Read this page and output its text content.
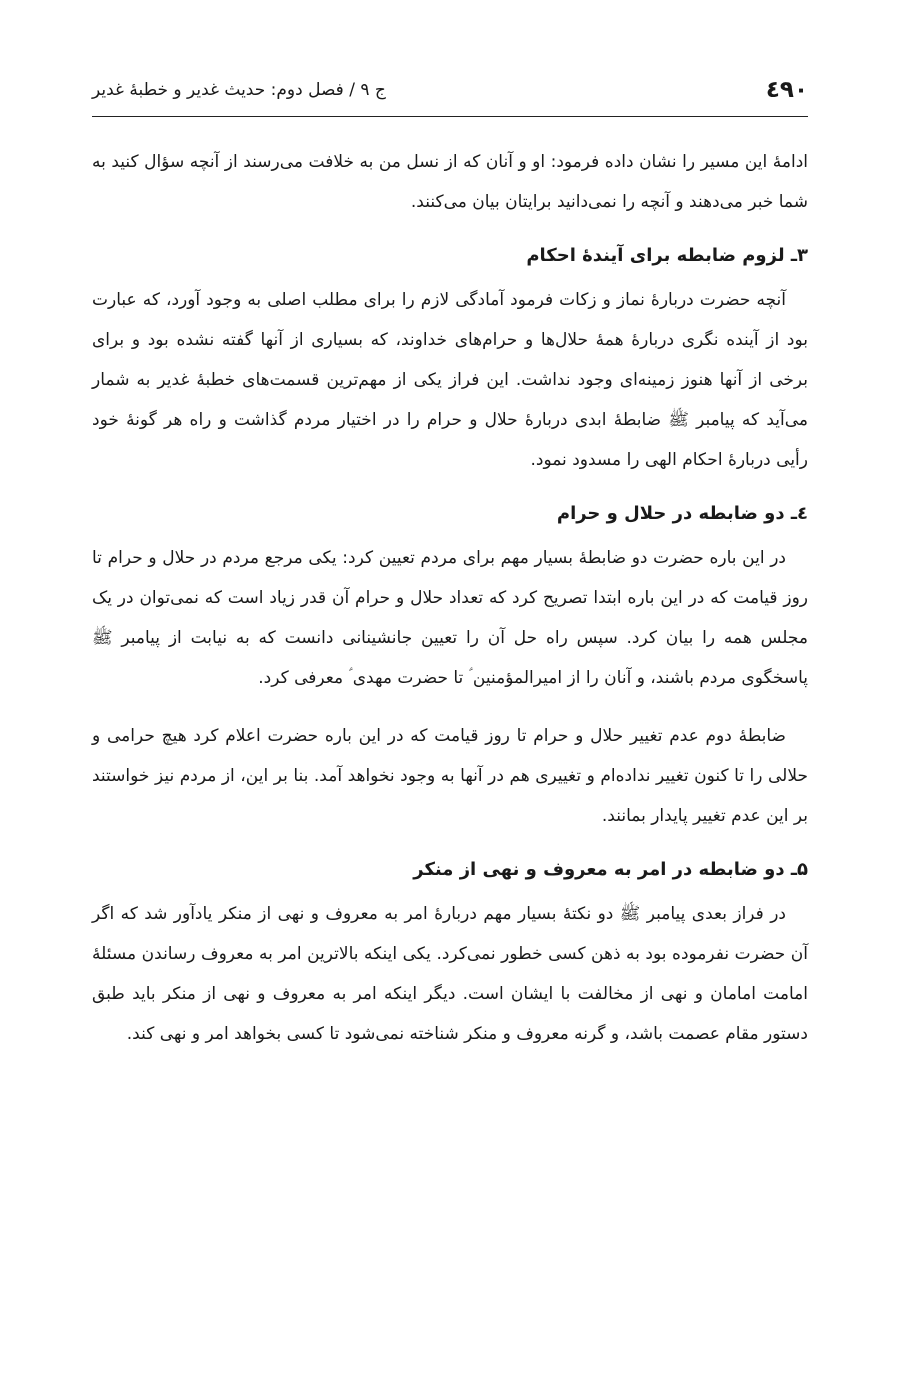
٤٩٠
ج ٩ / فصل دوم: حدیث غدیر و خطبهٔ غدیر

ادامهٔ این مسیر را نشان داده فرمود: او و آنان که از نسل من به خلافت می‌رسند از آنچه سؤال کنید به شما خبر می‌دهند و آنچه را نمی‌دانید برایتان بیان می‌کنند.

۳ـ لزوم ضابطه برای آیندهٔ احکام

آنچه حضرت دربارهٔ نماز و زکات فرمود آمادگی لازم را برای مطلب اصلی به وجود آورد، که عبارت بود از آینده نگری دربارهٔ همهٔ حلال‌ها و حرام‌های خداوند، که بسیاری از آنها گفته نشده بود و برای برخی از آنها هنوز زمینه‌ای وجود نداشت. این فراز یکی از مهم‌ترین قسمت‌های خطبهٔ غدیر به شمار می‌آید که پیامبر ﷺ ضابطهٔ ابدی دربارهٔ حلال و حرام را در اختیار مردم گذاشت و راه هر گونهٔ خود رأیی دربارهٔ احکام الهی را مسدود نمود.

٤ـ دو ضابطه در حلال و حرام

در این باره حضرت دو ضابطهٔ بسیار مهم برای مردم تعیین کرد: یکی مرجع مردم در حلال و حرام تا روز قیامت که در این باره ابتدا تصریح کرد که تعداد حلال و حرام آن قدر زیاد است که نمی‌توان در یک مجلس همه را بیان کرد. سپس راه حل آن را تعیین جانشینانی دانست که به نیابت از پیامبر ﷺ پاسخگوی مردم باشند، و آنان را از امیرالمؤمنین ؑ تا حضرت مهدی ؑ معرفی کرد.

ضابطهٔ دوم عدم تغییر حلال و حرام تا روز قیامت که در این باره حضرت اعلام کرد هیچ حرامی و حلالی را تا کنون تغییر نداده‌ام و تغییری هم در آنها به وجود نخواهد آمد. بنا بر این، از مردم نیز خواستند بر این عدم تغییر پایدار بمانند.

۵ـ دو ضابطه در امر به معروف و نهی از منکر

در فراز بعدی پیامبر ﷺ دو نکتهٔ بسیار مهم دربارهٔ امر به معروف و نهی از منکر یادآور شد که اگر آن حضرت نفرموده بود به ذهن کسی خطور نمی‌کرد. یکی اینکه بالاترین امر به معروف رساندن مسئلهٔ امامت امامان و نهی از مخالفت با ایشان است. دیگر اینکه امر به معروف و نهی از منکر باید طبق دستور مقام عصمت باشد، و گرنه معروف و منکر شناخته نمی‌شود تا کسی بخواهد امر و نهی کند.
